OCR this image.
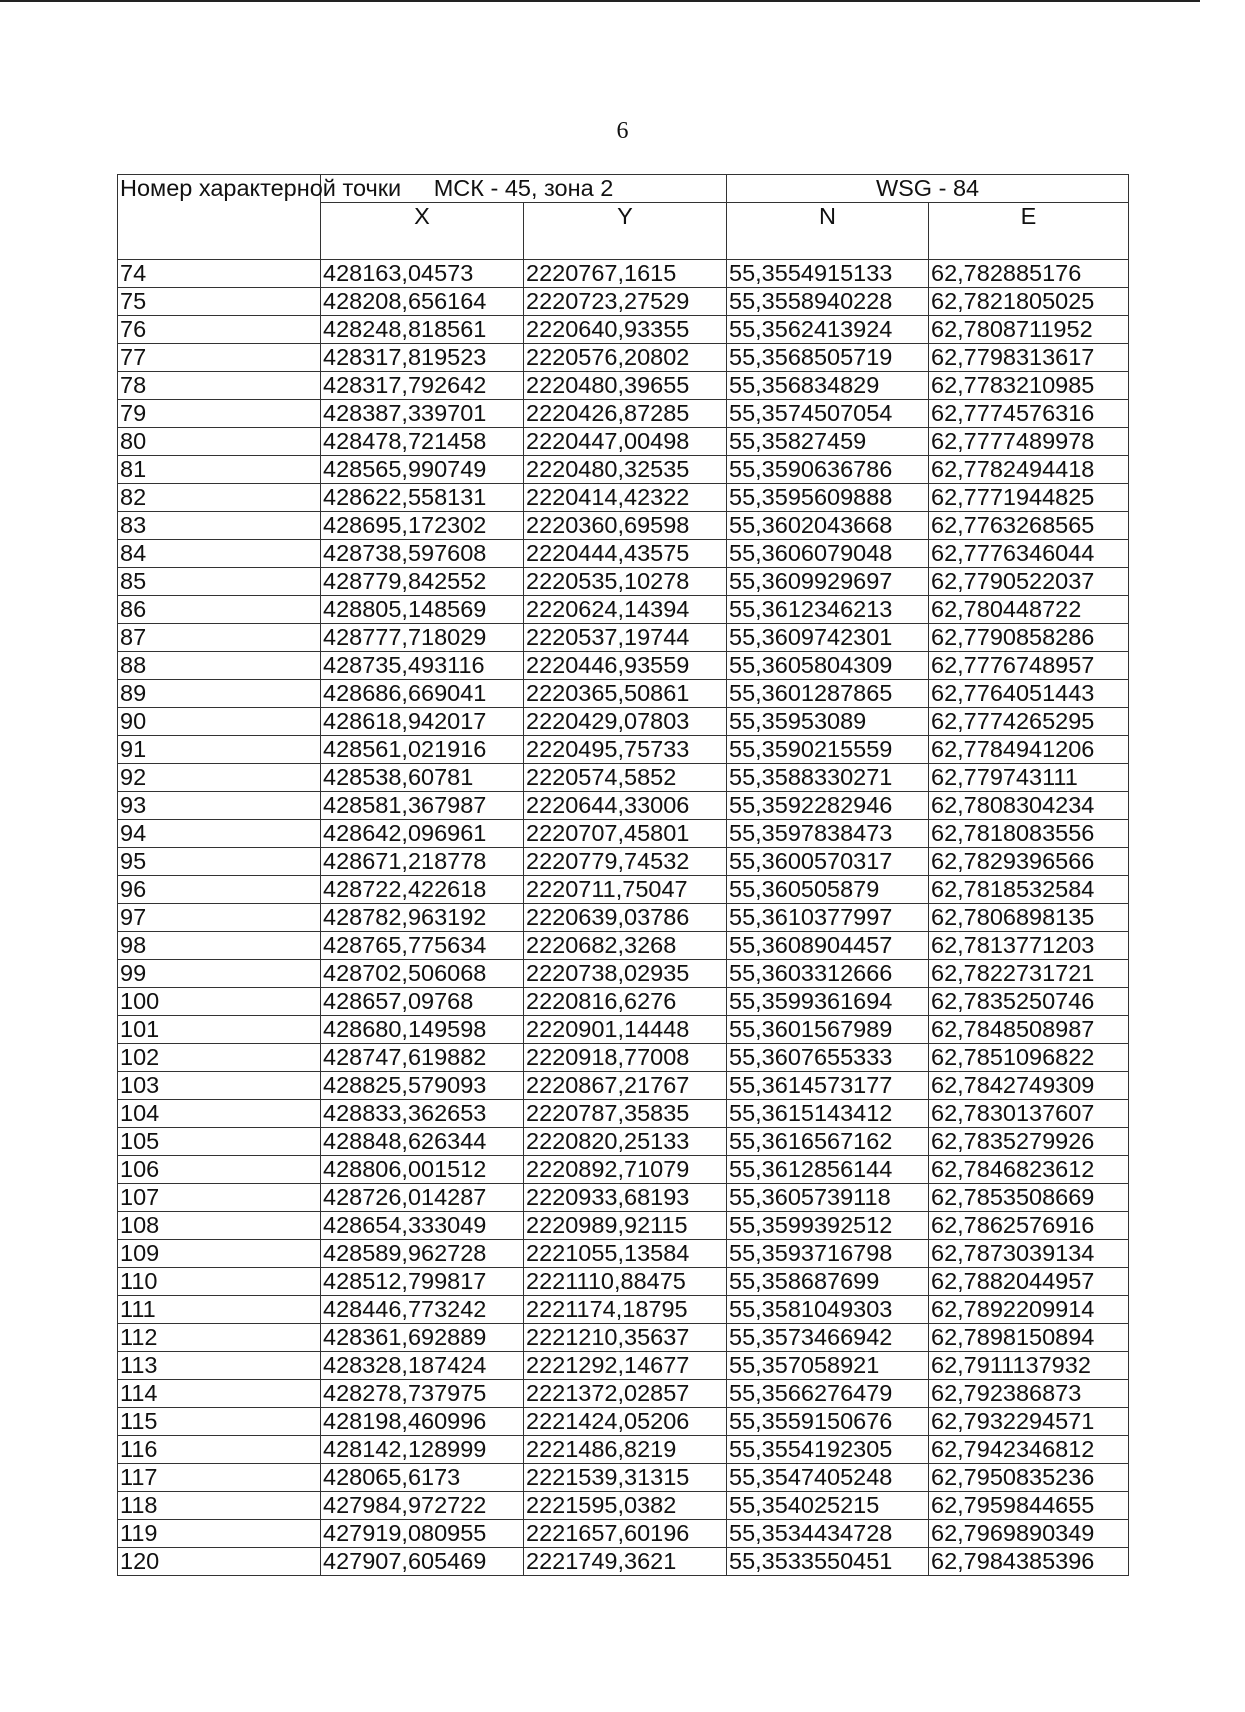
6
Номер характерной точки	МСК - 45, зона 2		WSG - 84	
	X	Y	N	E
74	428163,04573	2220767,1615	55,3554915133	62,782885176
75	428208,656164	2220723,27529	55,3558940228	62,7821805025
76	428248,818561	2220640,93355	55,3562413924	62,7808711952
77	428317,819523	2220576,20802	55,3568505719	62,7798313617
78	428317,792642	2220480,39655	55,356834829	62,7783210985
79	428387,339701	2220426,87285	55,3574507054	62,7774576316
80	428478,721458	2220447,00498	55,35827459	62,7777489978
81	428565,990749	2220480,32535	55,3590636786	62,7782494418
82	428622,558131	2220414,42322	55,3595609888	62,7771944825
83	428695,172302	2220360,69598	55,3602043668	62,7763268565
84	428738,597608	2220444,43575	55,3606079048	62,7776346044
85	428779,842552	2220535,10278	55,3609929697	62,7790522037
86	428805,148569	2220624,14394	55,3612346213	62,780448722
87	428777,718029	2220537,19744	55,3609742301	62,7790858286
88	428735,493116	2220446,93559	55,3605804309	62,7776748957
89	428686,669041	2220365,50861	55,3601287865	62,7764051443
90	428618,942017	2220429,07803	55,35953089	62,7774265295
91	428561,021916	2220495,75733	55,3590215559	62,7784941206
92	428538,60781	2220574,5852	55,3588330271	62,779743111
93	428581,367987	2220644,33006	55,3592282946	62,7808304234
94	428642,096961	2220707,45801	55,3597838473	62,7818083556
95	428671,218778	2220779,74532	55,3600570317	62,7829396566
96	428722,422618	2220711,75047	55,360505879	62,7818532584
97	428782,963192	2220639,03786	55,3610377997	62,7806898135
98	428765,775634	2220682,3268	55,3608904457	62,7813771203
99	428702,506068	2220738,02935	55,3603312666	62,7822731721
100	428657,09768	2220816,6276	55,3599361694	62,7835250746
101	428680,149598	2220901,14448	55,3601567989	62,7848508987
102	428747,619882	2220918,77008	55,3607655333	62,7851096822
103	428825,579093	2220867,21767	55,3614573177	62,7842749309
104	428833,362653	2220787,35835	55,3615143412	62,7830137607
105	428848,626344	2220820,25133	55,3616567162	62,7835279926
106	428806,001512	2220892,71079	55,3612856144	62,7846823612
107	428726,014287	2220933,68193	55,3605739118	62,7853508669
108	428654,333049	2220989,92115	55,3599392512	62,7862576916
109	428589,962728	2221055,13584	55,3593716798	62,7873039134
110	428512,799817	2221110,88475	55,358687699	62,7882044957
111	428446,773242	2221174,18795	55,3581049303	62,7892209914
112	428361,692889	2221210,35637	55,3573466942	62,7898150894
113	428328,187424	2221292,14677	55,357058921	62,7911137932
114	428278,737975	2221372,02857	55,3566276479	62,792386873
115	428198,460996	2221424,05206	55,3559150676	62,7932294571
116	428142,128999	2221486,8219	55,3554192305	62,7942346812
117	428065,6173	2221539,31315	55,3547405248	62,7950835236
118	427984,972722	2221595,0382	55,354025215	62,7959844655
119	427919,080955	2221657,60196	55,3534434728	62,7969890349
120	427907,605469	2221749,3621	55,3533550451	62,7984385396
